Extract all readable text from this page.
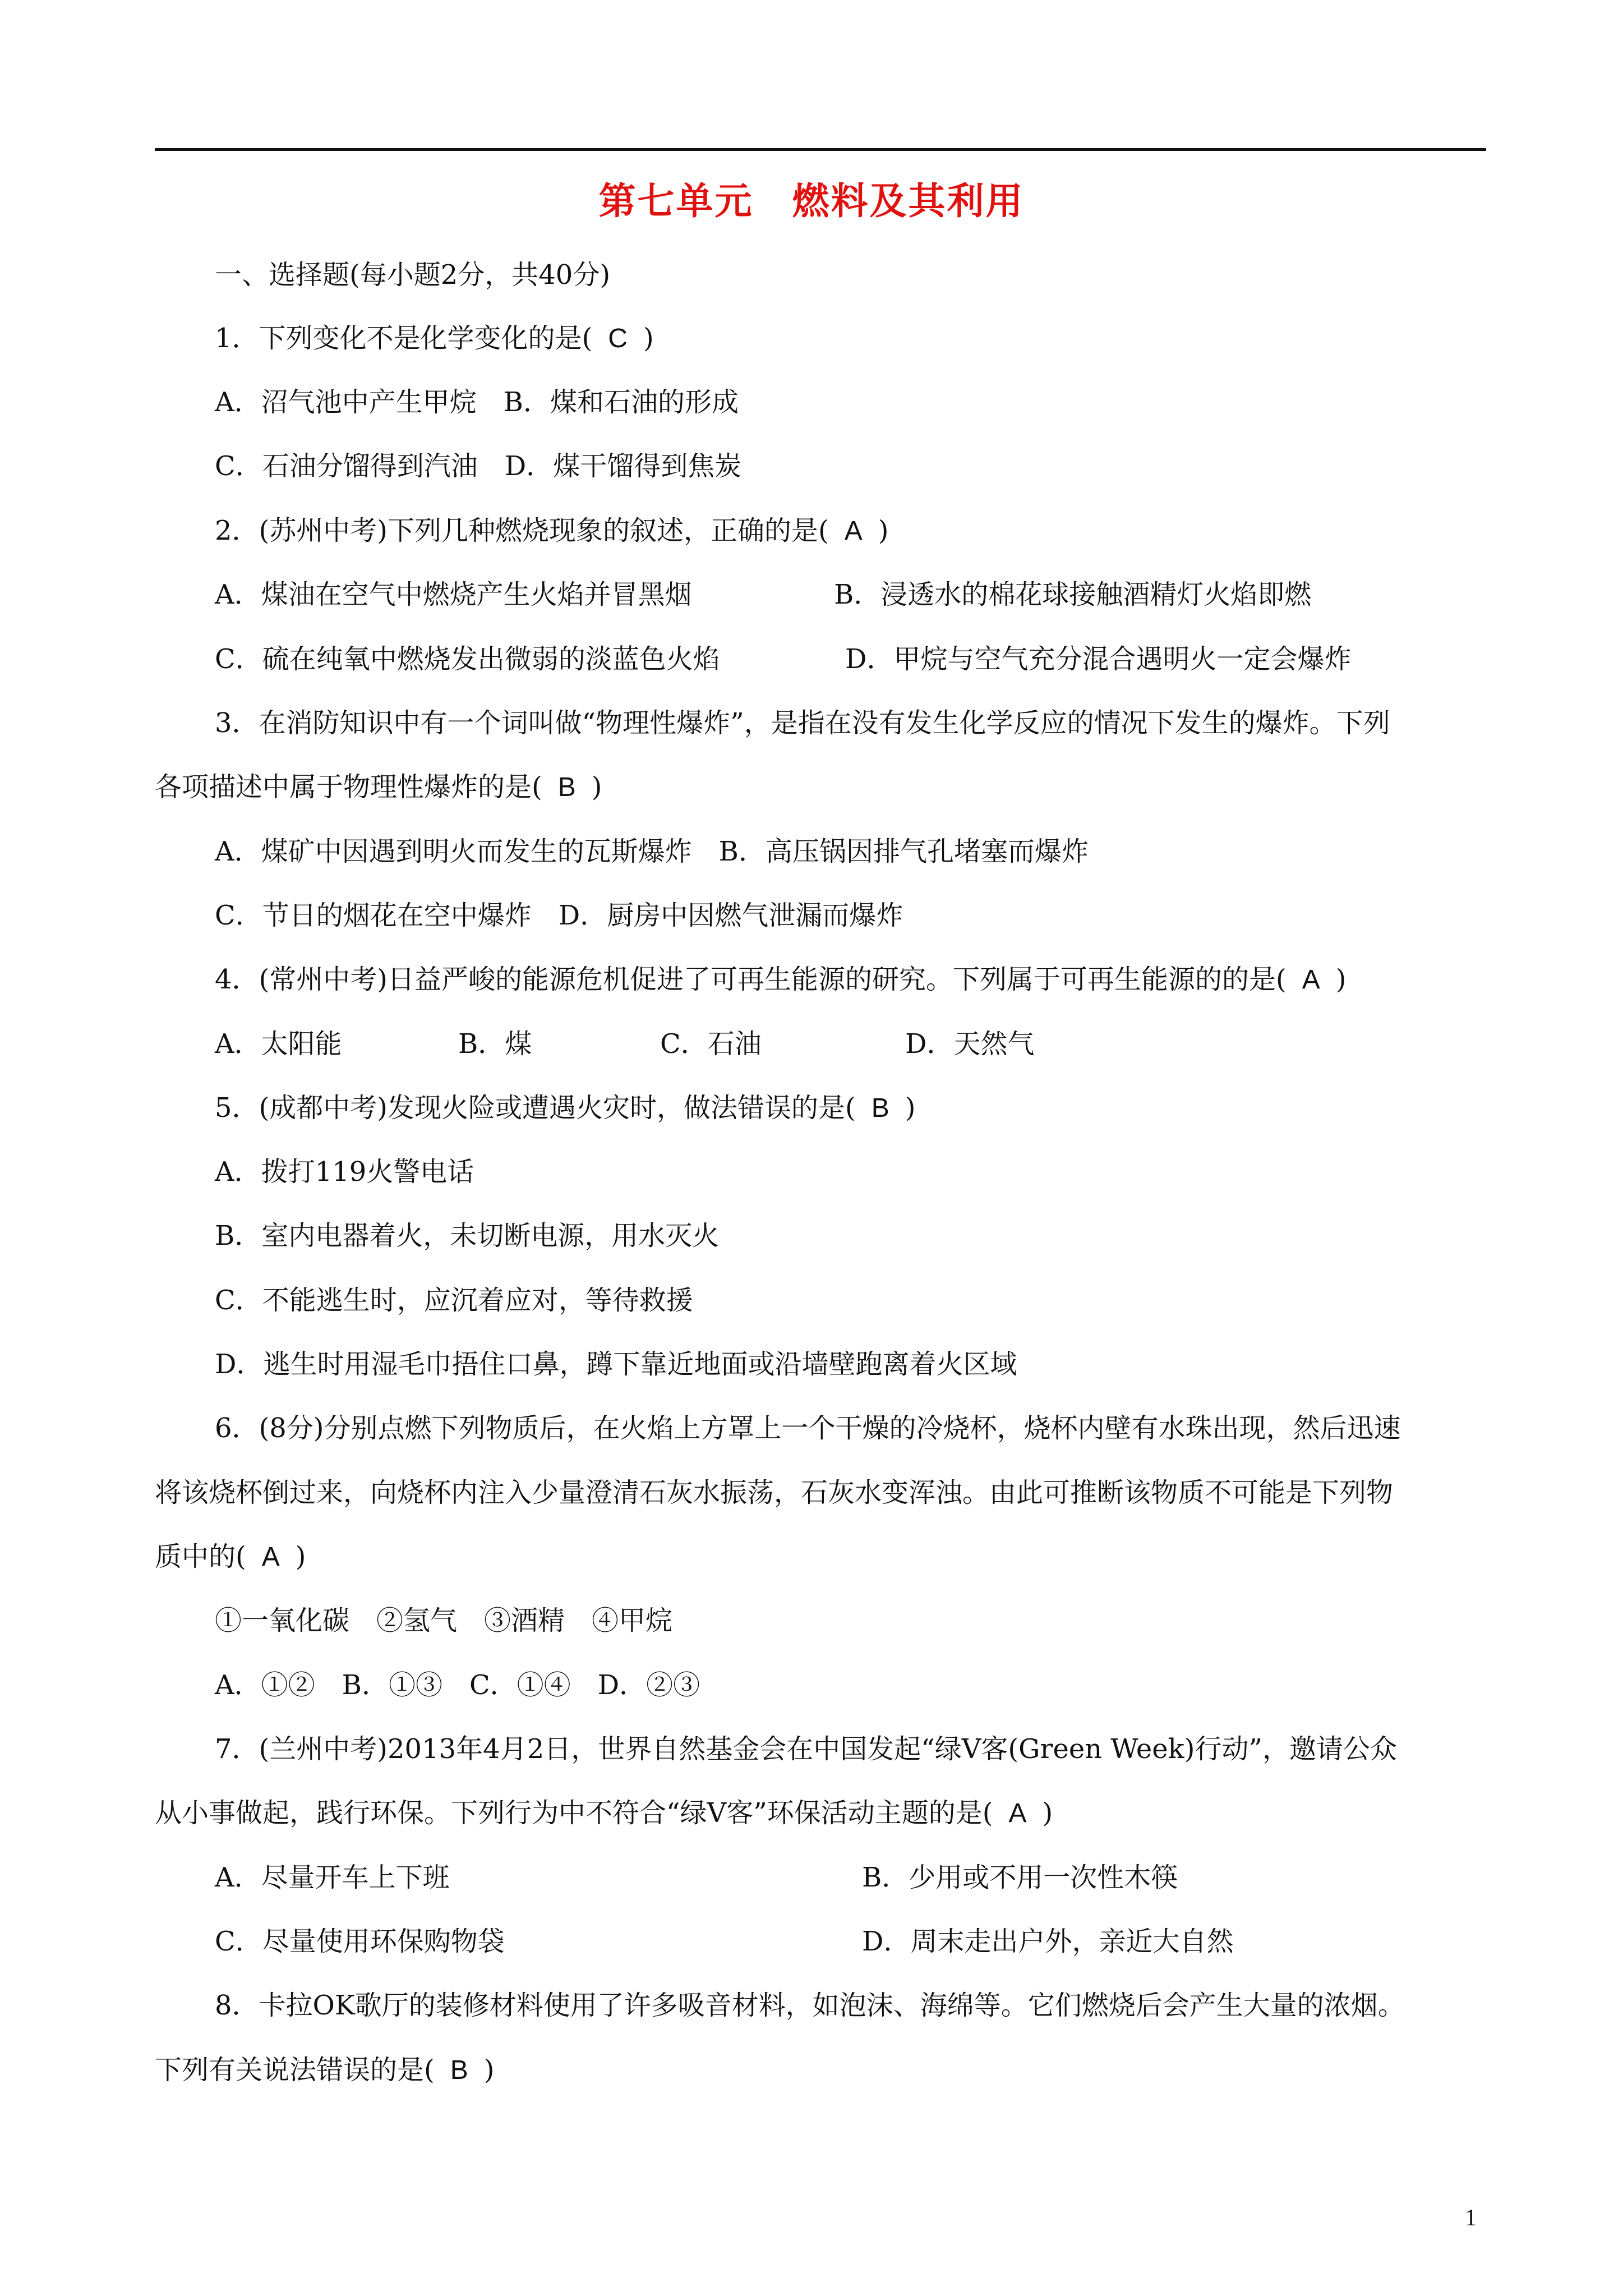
第七单元　燃料及其利用
一、选择题(每小题2分，共40分)
1．下列变化不是化学变化的是( C )
A．沼气池中产生甲烷　B．煤和石油的形成
C．石油分馏得到汽油　D．煤干馏得到焦炭
2．(苏州中考)下列几种燃烧现象的叙述，正确的是( A )
A．煤油在空气中燃烧产生火焰并冒黑烟	B．浸透水的棉花球接触酒精灯火焰即燃
C．硫在纯氧中燃烧发出微弱的淡蓝色火焰	D．甲烷与空气充分混合遇明火一定会爆炸
3．在消防知识中有一个词叫做“物理性爆炸”，是指在没有发生化学反应的情况下发生的爆炸。下列
各项描述中属于物理性爆炸的是( B )
A．煤矿中因遇到明火而发生的瓦斯爆炸　B．高压锅因排气孔堵塞而爆炸
C．节日的烟花在空中爆炸　D．厨房中因燃气泄漏而爆炸
4．(常州中考)日益严峻的能源危机促进了可再生能源的研究。下列属于可再生能源的的是( A )
A．太阳能	B．煤	C．石油	D．天然气
5．(成都中考)发现火险或遭遇火灾时，做法错误的是( B )
A．拨打119火警电话
B．室内电器着火，未切断电源，用水灭火
C．不能逃生时，应沉着应对，等待救援
D．逃生时用湿毛巾捂住口鼻，蹲下靠近地面或沿墙壁跑离着火区域
6．(8分)分别点燃下列物质后，在火焰上方罩上一个干燥的冷烧杯，烧杯内壁有水珠出现，然后迅速
将该烧杯倒过来，向烧杯内注入少量澄清石灰水振荡，石灰水变浑浊。由此可推断该物质不可能是下列物
质中的( A )
①一氧化碳　②氢气　③酒精　④甲烷
A．①②　B．①③　C．①④　D．②③
7．(兰州中考)2013年4月2日，世界自然基金会在中国发起“绿V客(Green Week)行动”，邀请公众
从小事做起，践行环保。下列行为中不符合“绿V客”环保活动主题的是( A )
A．尽量开车上下班	B．少用或不用一次性木筷
C．尽量使用环保购物袋	D．周末走出户外，亲近大自然
8．卡拉OK歌厅的装修材料使用了许多吸音材料，如泡沫、海绵等。它们燃烧后会产生大量的浓烟。
下列有关说法错误的是( B )
1
